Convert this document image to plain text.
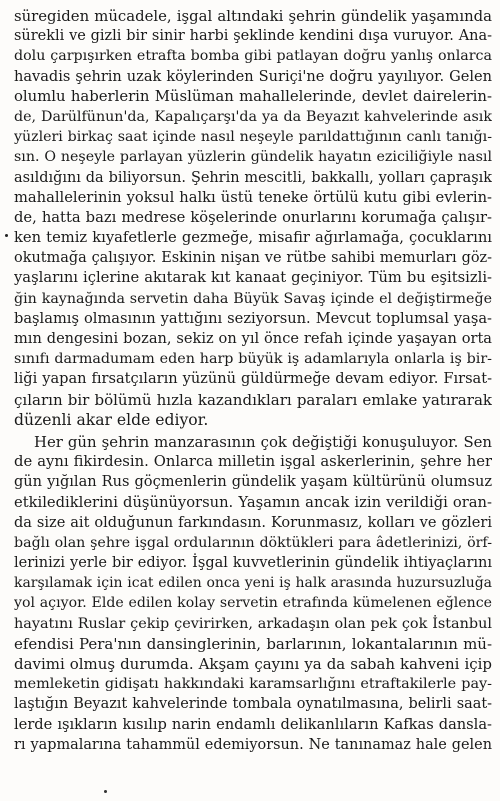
süregiden mücadele, işgal altındaki şehrin gündelik yaşamında
sürekli ve gizli bir sinir harbi şeklinde kendini dışa vuruyor. Ana-
dolu çarpışırken etrafta bomba gibi patlayan doğru yanlış onlarca
havadis şehrin uzak köylerinden Suriçi'ne doğru yayılıyor. Gelen
olumlu haberlerin Müslüman mahallelerinde, devlet dairelerin-
de, Darülfünun'da, Kapalıçarşı'da ya da Beyazıt kahvelerinde asık
yüzleri birkaç saat içinde nasıl neşeyle parıldattığının canlı tanığı-
sın. O neşeyle parlayan yüzlerin gündelik hayatın eziciliğiyle nasıl
asıldığını da biliyorsun. Şehrin mescitli, bakkallı, yolları çapraşık
mahallelerinin yoksul halkı üstü teneke örtülü kutu gibi evlerin-
de, hatta bazı medrese köşelerinde onurlarını korumağa çalışır-
ken temiz kıyafetlerle gezmeğe, misafir ağırlamağa, çocuklarını
okutmağa çalışıyor. Eskinin nişan ve rütbe sahibi memurları göz-
yaşlarını içlerine akıtarak kıt kanaat geçiniyor. Tüm bu eşitsizli-
ğin kaynağında servetin daha Büyük Savaş içinde el değiştirmeğe
başlamış olmasının yattığını seziyorsun. Mevcut toplumsal yaşa-
mın dengesini bozan, sekiz on yıl önce refah içinde yaşayan orta
sınıfı darmadumam eden harp büyük iş adamlarıyla onlarla iş bir-
liği yapan fırsatçıların yüzünü güldürmeğe devam ediyor. Fırsat-
çıların bir bölümü hızla kazandıkları paraları emlake yatırarak
düzenli akar elde ediyor.
Her gün şehrin manzarasının çok değiştiği konuşuluyor. Sen
de aynı fikirdesin. Onlarca milletin işgal askerlerinin, şehre her
gün yığılan Rus göçmenlerin gündelik yaşam kültürünü olumsuz
etkilediklerini düşünüyorsun. Yaşamın ancak izin verildiği oran-
da size ait olduğunun farkındasın. Korunmasız, kolları ve gözleri
bağlı olan şehre işgal ordularının döktükleri para âdetlerinizi, örf-
lerinizi yerle bir ediyor. İşgal kuvvetlerinin gündelik ihtiyaçlarını
karşılamak için icat edilen onca yeni iş halk arasında huzursuzluğa
yol açıyor. Elde edilen kolay servetin etrafında kümelenen eğlence
hayatını Ruslar çekip çevirirken, arkadaşın olan pek çok İstanbul
efendisi Pera'nın dansinglerinin, barlarının, lokantalarının mü-
davimi olmuş durumda. Akşam çayını ya da sabah kahveni içip
memleketin gidişatı hakkındaki karamsarlığını etraftakilerle pay-
laştığın Beyazıt kahvelerinde tombala oynatılmasına, belirli saat-
lerde ışıkların kısılıp narin endamlı delikanlıların Kafkas dansla-
rı yapmalarına tahammül edemiyorsun. Ne tanınamaz hale gelen
